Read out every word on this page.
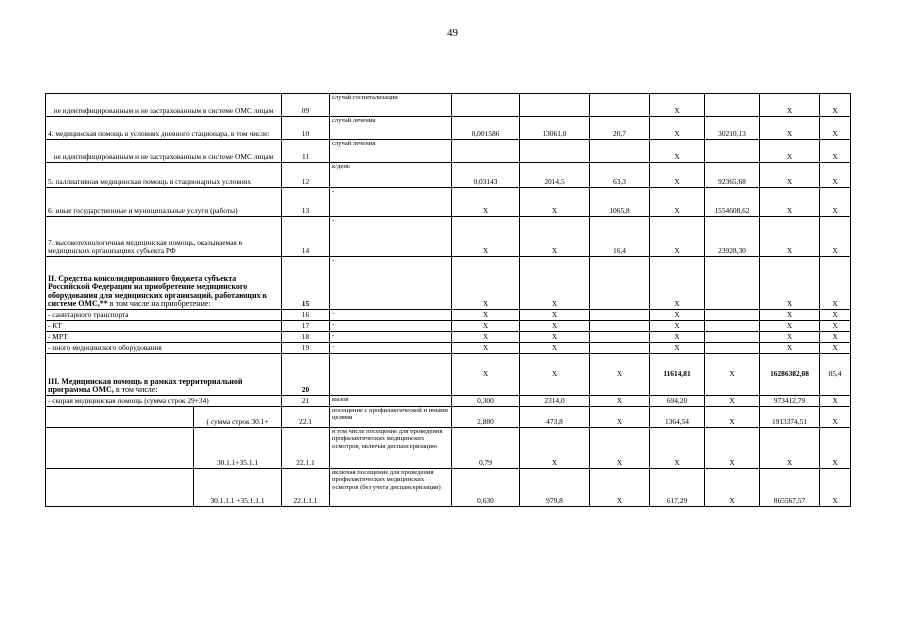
49
не идентифицированным и не застрахованным в системе ОМС лицам		09	случай госпитализации				X		X	X
4. медицинская помощь в условиях дневного стационара, в том числе:		10	случай лечения	0,001586	13061,0	20,7	X	30210,13	X	X
не идентифицированным и не застрахованным в системе ОМС лицам		11	случай лечения				X		X	X
5. паллиативная медицинская помощь в стационарных условиях		12	к/день	0,03143	2014,5	63,3	X	92365,68	X	X
6. иные государственные и муниципальные услуги (работы)		13	-	X	X	1065,8	X	1554608,62	X	X
7. высокотехнологичная медицинская помощь, оказываемая в медицинских организациях субъекта РФ		14	-	X	X	16,4	X	23928,30	X	X
II. Средства консолидированного бюджета субъекта Российской Федерации на приобретение медицинского оборудования для медицинских организаций, работающих в системе ОМС,** в том числе на приобретение:		15	-	X	X		X		X	X
- санитарного транспорта		16	-	X	X		X		X	X
- КТ		17	-	X	X		X		X	X
- МРТ		18	-	X	X		X		X	X
- иного медицинского оборудования		19	-	X	X		X		X	X
III. Медицинская помощь в рамках территориальной программы ОМС, в том числе:		20		X	X	X	11614,81	X	16286382,08	85,4
- скорая медицинская помощь (сумма строк 29+34)		21	вызов	0,300	2314,0	X	694,20	X	973412,79	X
	( сумма строк 30.1+	22.1	посещение с профилактической и иными целями	2,880	473,8	X	1364,54	X	1913374,51	X
	30.1.1+35.1.1	22.1.1	в том числе посещение для проведения профилактических медицинских осмотров, включая диспансеризацию	0,79	X	X	X	X	X	X
	30.1.1.1 +35.1.1.1	22.1.1.1	включая посещение для проведения профилактических медицинских осмотров (без учета диспансеризации)	0,630	979,8	X	617,29	X	865567,57	X
